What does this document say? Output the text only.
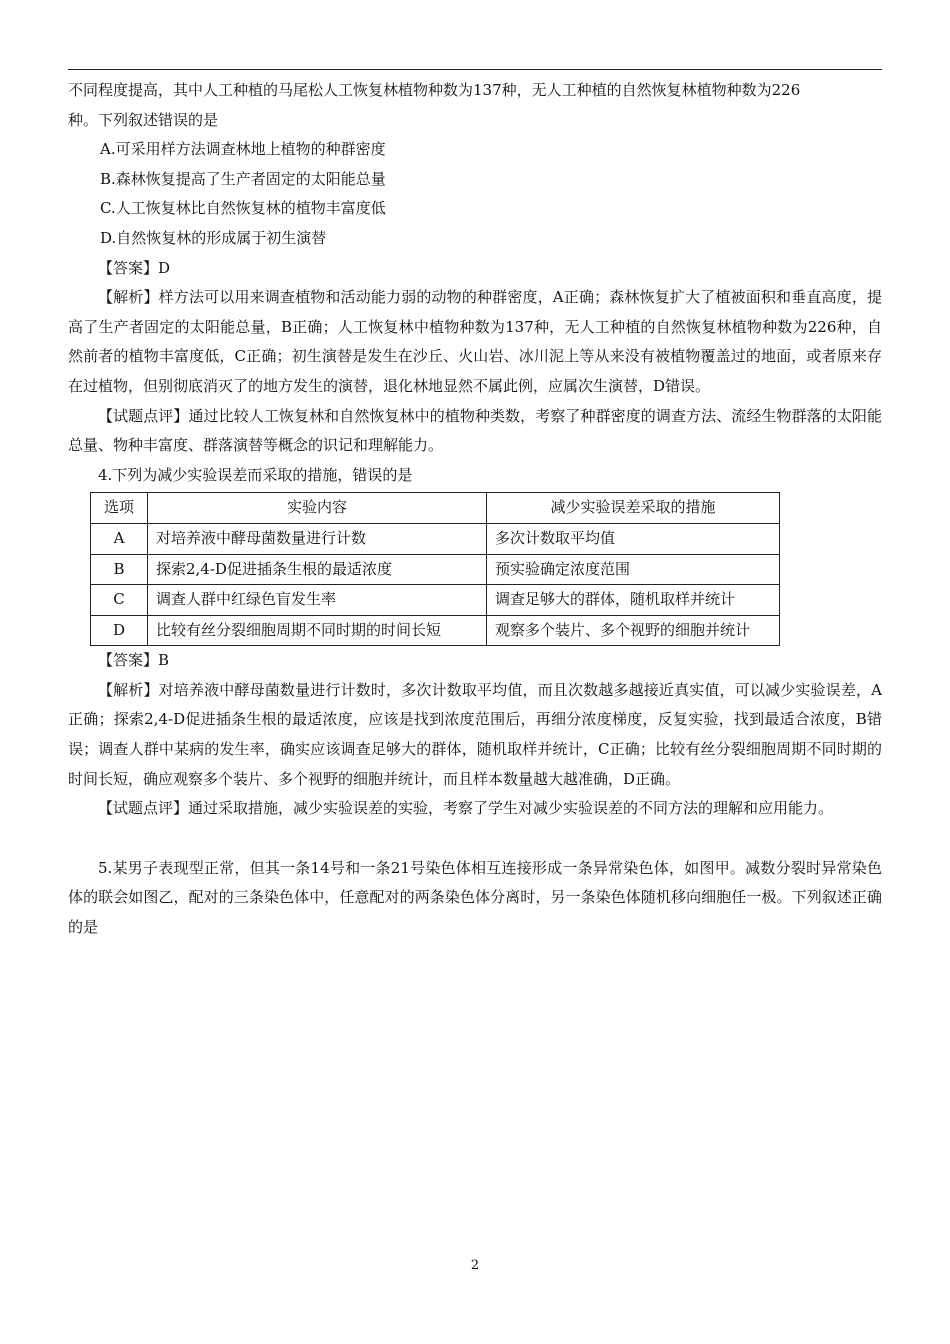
不同程度提高，其中人工种植的马尾松人工恢复林植物种数为137种，无人工种植的自然恢复林植物种数为226

种。下列叙述错误的是

A.可采用样方法调查林地上植物的种群密度

B.森林恢复提高了生产者固定的太阳能总量

C.人工恢复林比自然恢复林的植物丰富度低

D.自然恢复林的形成属于初生演替

【答案】D

【解析】样方法可以用来调查植物和活动能力弱的动物的种群密度，A正确；森林恢复扩大了植被面积和垂直高度，提高了生产者固定的太阳能总量，B正确；人工恢复林中植物种数为137种，无人工种植的自然恢复林植物种数为226种，自然前者的植物丰富度低，C正确；初生演替是发生在沙丘、火山岩、冰川泥上等从来没有被植物覆盖过的地面，或者原来存在过植物，但别彻底消灭了的地方发生的演替，退化林地显然不属此例，应属次生演替，D错误。

【试题点评】通过比较人工恢复林和自然恢复林中的植物种类数，考察了种群密度的调查方法、流经生物群落的太阳能总量、物种丰富度、群落演替等概念的识记和理解能力。

4.下列为减少实验误差而采取的措施，错误的是

选项	实验内容	减少实验误差采取的措施
A	对培养液中酵母菌数量进行计数	多次计数取平均值
B	探索2,4-D促进插条生根的最适浓度	预实验确定浓度范围
C	调查人群中红绿色盲发生率	调查足够大的群体，随机取样并统计
D	比较有丝分裂细胞周期不同时期的时间长短	观察多个装片、多个视野的细胞并统计

【答案】B

【解析】对培养液中酵母菌数量进行计数时，多次计数取平均值，而且次数越多越接近真实值，可以减少实验误差，A正确；探索2,4-D促进插条生根的最适浓度，应该是找到浓度范围后，再细分浓度梯度，反复实验，找到最适合浓度，B错误；调查人群中某病的发生率，确实应该调查足够大的群体，随机取样并统计，C正确；比较有丝分裂细胞周期不同时期的时间长短，确应观察多个装片、多个视野的细胞并统计，而且样本数量越大越准确，D正确。

【试题点评】通过采取措施，减少实验误差的实验，考察了学生对减少实验误差的不同方法的理解和应用能力。

5.某男子表现型正常，但其一条14号和一条21号染色体相互连接形成一条异常染色体，如图甲。减数分裂时异常染色体的联会如图乙，配对的三条染色体中，任意配对的两条染色体分离时，另一条染色体随机移向细胞任一极。下列叙述正确的是

2
